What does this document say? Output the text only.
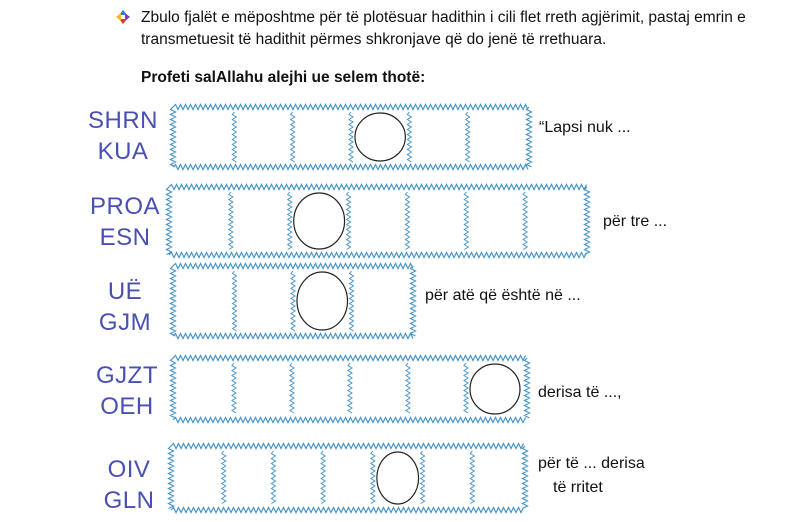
Zbulo fjalët e mëposhtme për të plotësuar hadithin i cili flet rreth agjërimit, pastaj emrin e transmetuesit të hadithit përmes shkronjave që do jenë të rrethuara.
Profeti salAllahu alejhi ue selem thotë:
SHRN
KUA
“Lapsi nuk ...
PROA
ESN
për tre ...
UË
GJM
për atë që është në ...
GJZT
OEH
derisa të ...,
OIV
GLN
për të ... derisa
të rritet
